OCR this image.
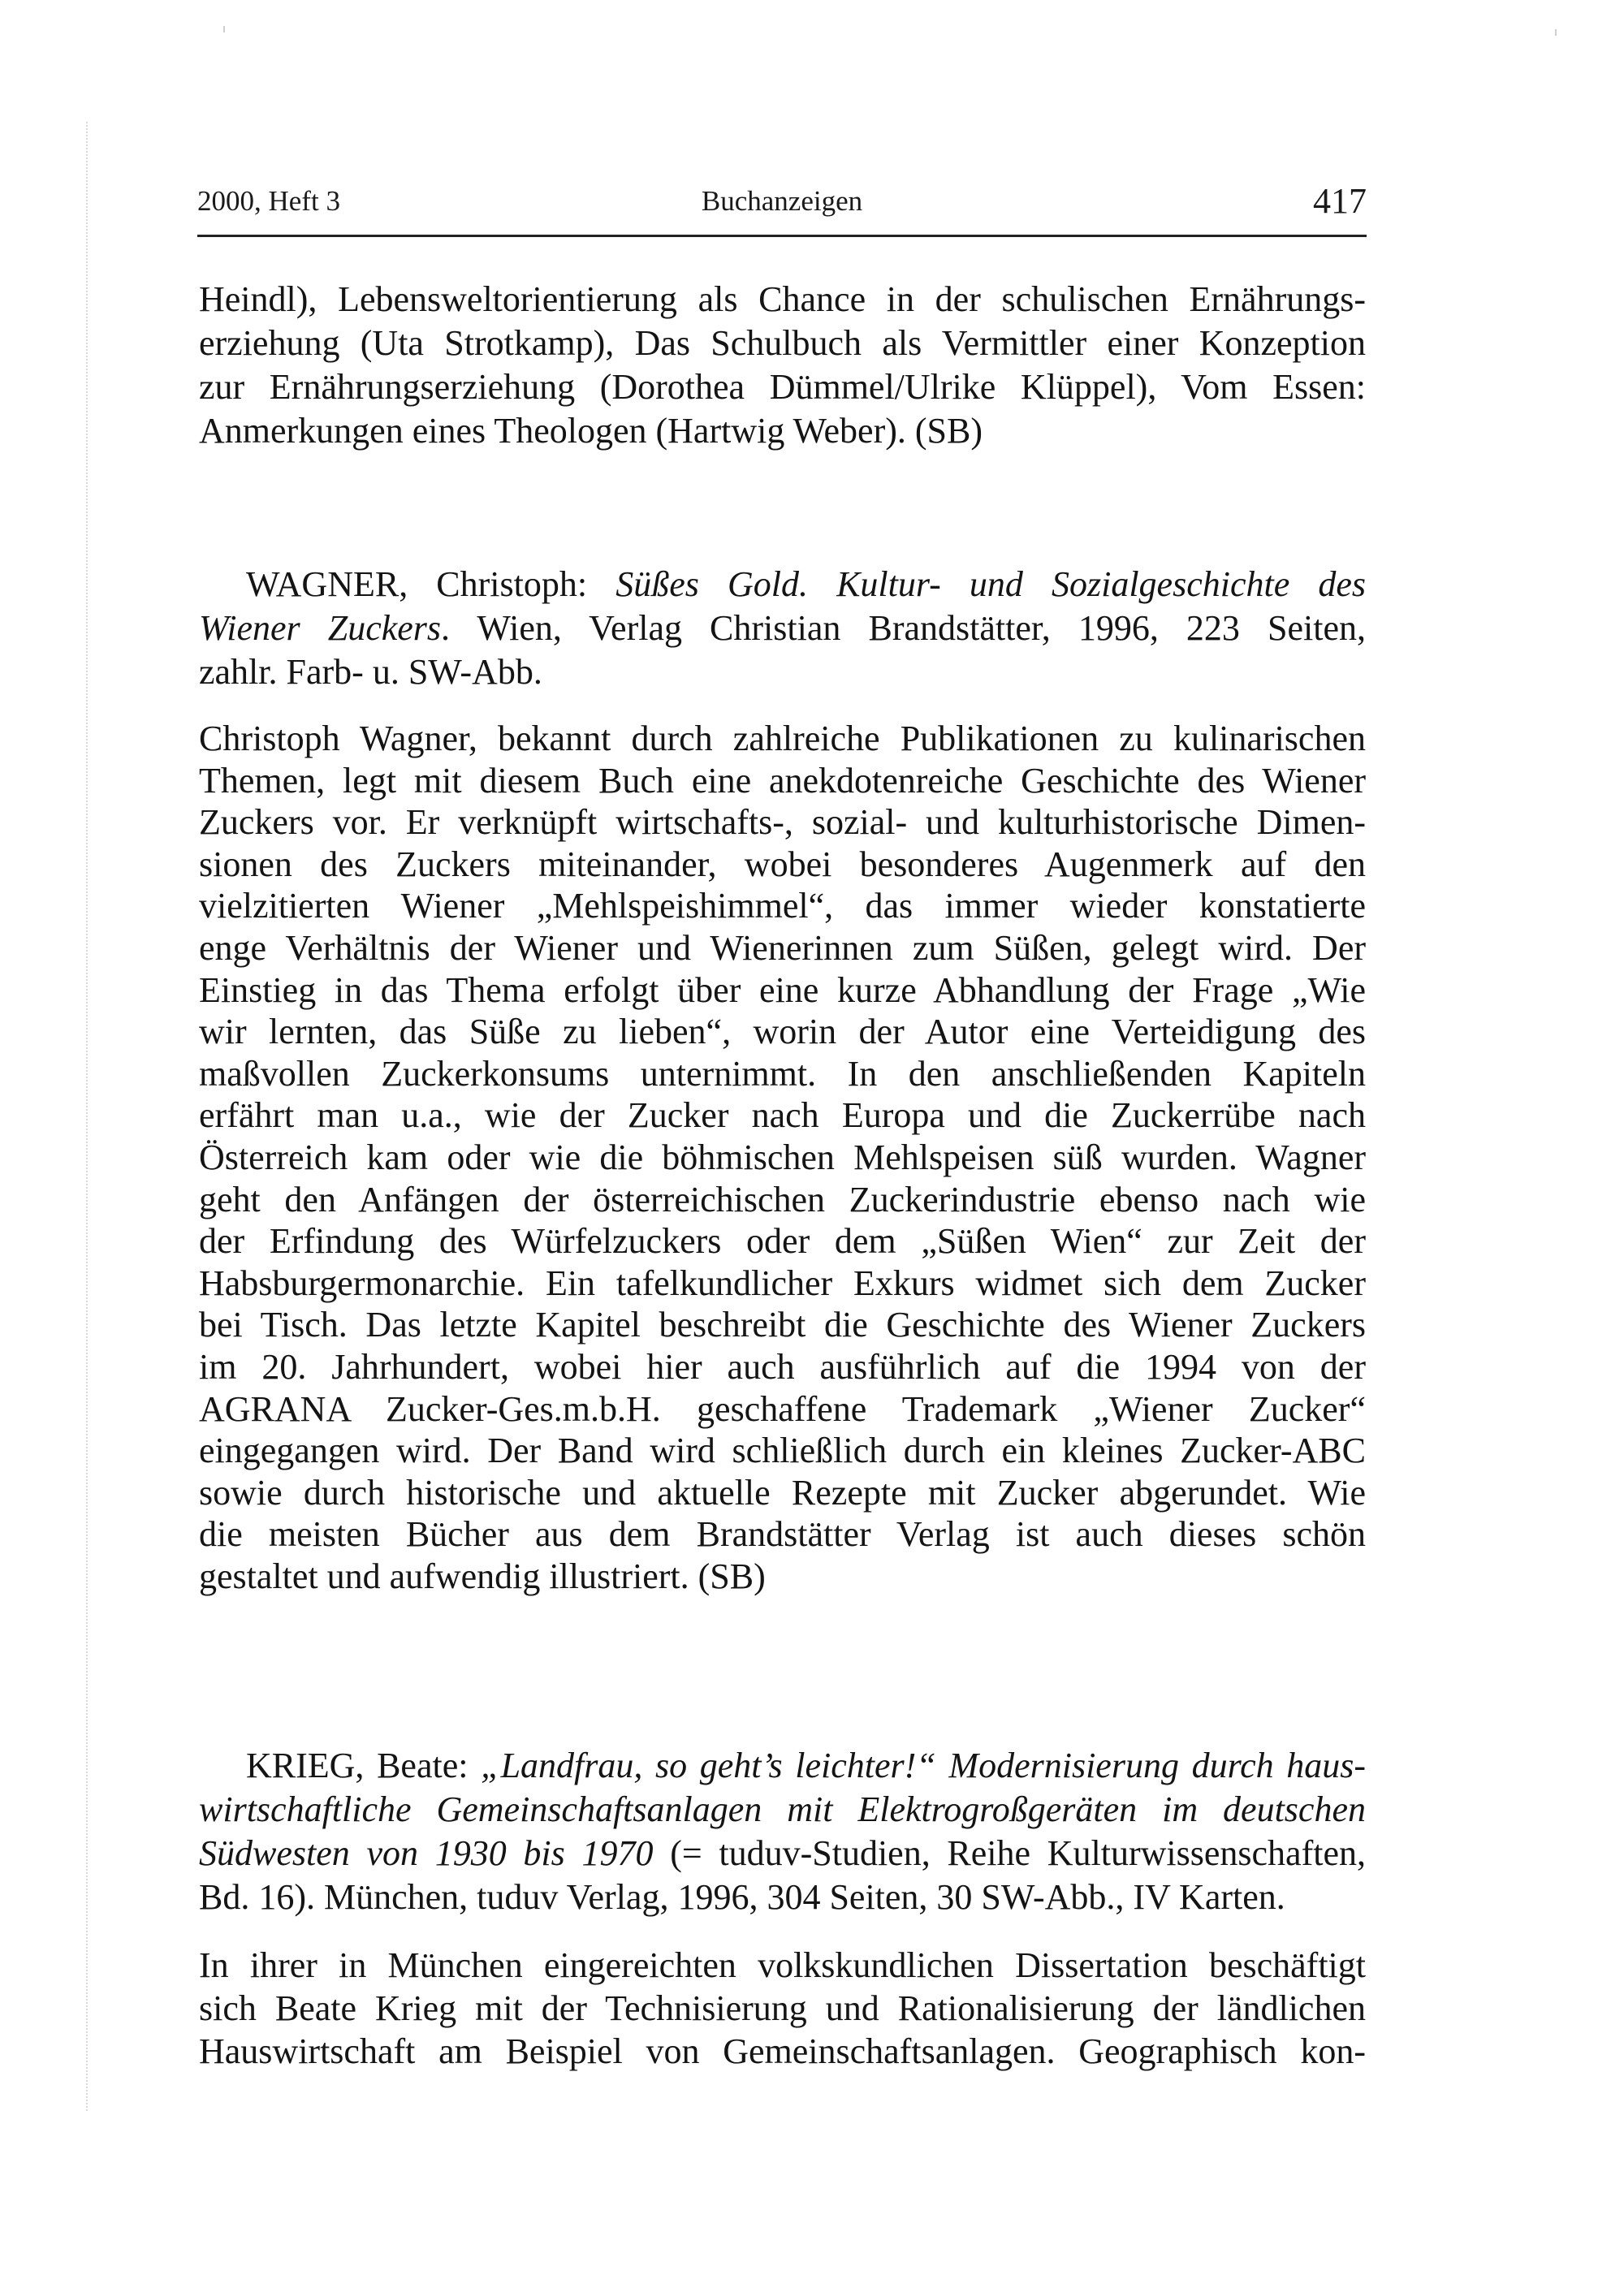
2000, Heft 3	Buchanzeigen	417
Heindl), Lebensweltorientierung als Chance in der schulischen Ernährungs-
erziehung (Uta Strotkamp), Das Schulbuch als Vermittler einer Konzeption
zur Ernährungserziehung (Dorothea Dümmel/Ulrike Klüppel), Vom Essen:
Anmerkungen eines Theologen (Hartwig Weber). (SB)
WAGNER, Christoph: Süßes Gold. Kultur- und Sozialgeschichte des
Wiener Zuckers. Wien, Verlag Christian Brandstätter, 1996, 223 Seiten,
zahlr. Farb- u. SW-Abb.
Christoph Wagner, bekannt durch zahlreiche Publikationen zu kulinarischen
Themen, legt mit diesem Buch eine anekdotenreiche Geschichte des Wiener
Zuckers vor. Er verknüpft wirtschafts-, sozial- und kulturhistorische Dimen-
sionen des Zuckers miteinander, wobei besonderes Augenmerk auf den
vielzitierten Wiener „Mehlspeishimmel“, das immer wieder konstatierte
enge Verhältnis der Wiener und Wienerinnen zum Süßen, gelegt wird. Der
Einstieg in das Thema erfolgt über eine kurze Abhandlung der Frage „Wie
wir lernten, das Süße zu lieben“, worin der Autor eine Verteidigung des
maßvollen Zuckerkonsums unternimmt. In den anschließenden Kapiteln
erfährt man u.a., wie der Zucker nach Europa und die Zuckerrübe nach
Österreich kam oder wie die böhmischen Mehlspeisen süß wurden. Wagner
geht den Anfängen der österreichischen Zuckerindustrie ebenso nach wie
der Erfindung des Würfelzuckers oder dem „Süßen Wien“ zur Zeit der
Habsburgermonarchie. Ein tafelkundlicher Exkurs widmet sich dem Zucker
bei Tisch. Das letzte Kapitel beschreibt die Geschichte des Wiener Zuckers
im 20. Jahrhundert, wobei hier auch ausführlich auf die 1994 von der
AGRANA Zucker-Ges.m.b.H. geschaffene Trademark „Wiener Zucker“
eingegangen wird. Der Band wird schließlich durch ein kleines Zucker-ABC
sowie durch historische und aktuelle Rezepte mit Zucker abgerundet. Wie
die meisten Bücher aus dem Brandstätter Verlag ist auch dieses schön
gestaltet und aufwendig illustriert. (SB)
KRIEG, Beate: „Landfrau, so geht’s leichter!“ Modernisierung durch haus-
wirtschaftliche Gemeinschaftsanlagen mit Elektrogroßgeräten im deutschen
Südwesten von 1930 bis 1970 (= tuduv-Studien, Reihe Kulturwissenschaften,
Bd. 16). München, tuduv Verlag, 1996, 304 Seiten, 30 SW-Abb., IV Karten.
In ihrer in München eingereichten volkskundlichen Dissertation beschäftigt
sich Beate Krieg mit der Technisierung und Rationalisierung der ländlichen
Hauswirtschaft am Beispiel von Gemeinschaftsanlagen. Geographisch kon-
